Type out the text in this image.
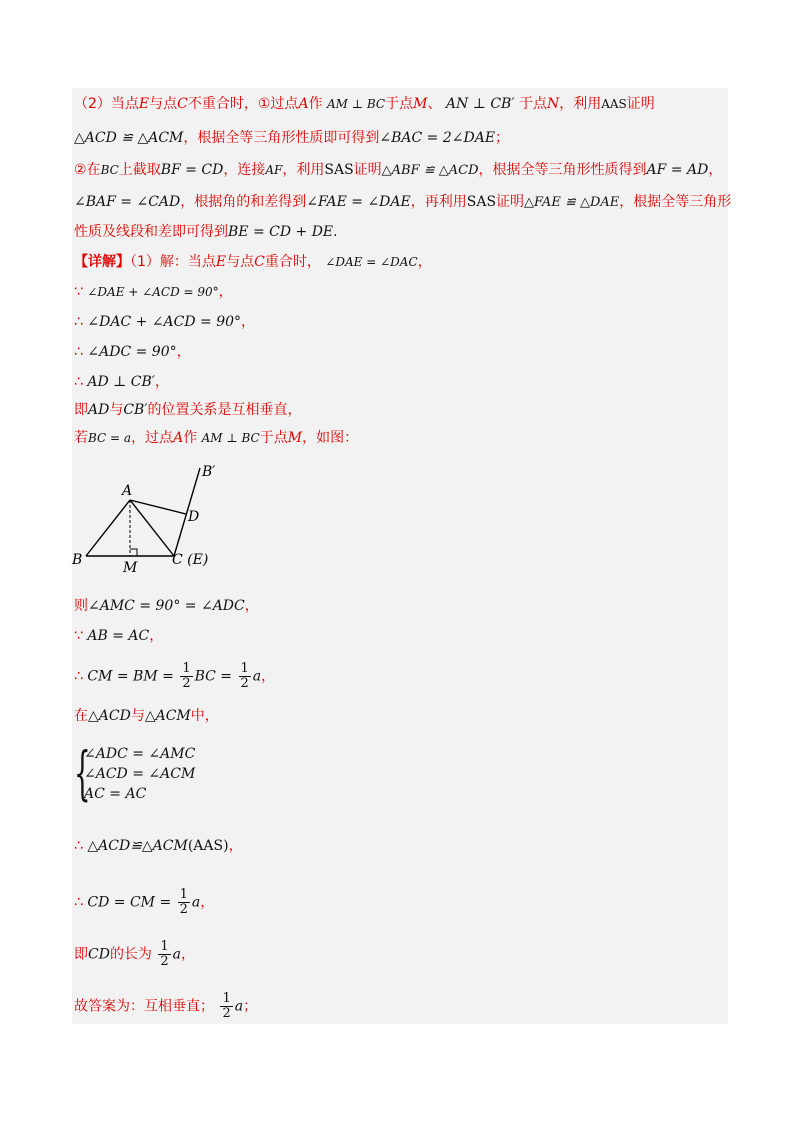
（2）当点E与点C不重合时，①过点A作 AM ⊥ BC于点M、 AN ⊥ CB′ 于点N，利用AAS证明
△ACD ≌ △ACM，根据全等三角形性质即可得到∠BAC = 2∠DAE；
②在BC上截取BF = CD，连接AF，利用SAS证明△ABF ≌ △ACD，根据全等三角形性质得到AF = AD，
∠BAF = ∠CAD，根据角的和差得到∠FAE = ∠DAE，再利用SAS证明△FAE ≌ △DAE，根据全等三角形
性质及线段和差即可得到BE = CD + DE.
【详解】（1）解：当点E与点C重合时， ∠DAE = ∠DAC，
∵ ∠DAE + ∠ACD = 90°，
∴ ∠DAC + ∠ACD = 90°，
∴ ∠ADC = 90°，
∴ AD ⊥ CB′，
即AD与CB′的位置关系是互相垂直，
若BC = a，过点A作 AM ⊥ BC于点M，如图：
A
B	M C (E)
D
B′
则∠AMC = 90° = ∠ADC，
∵ AB = AC，
∴ CM = BM = $\frac{1}{2}$ BC = $\frac{1}{2}$ a，
在△ACD与△ACM中，
{
∠ADC = ∠AMC
∠ACD = ∠ACM
AC = AC
∴ △ACD≌△ACM(AAS)，
∴ CD = CM = $\frac{1}{2}$ a，
即CD的长为 $\frac{1}{2}$ a，
故答案为：互相垂直； $\frac{1}{2}$ a；
